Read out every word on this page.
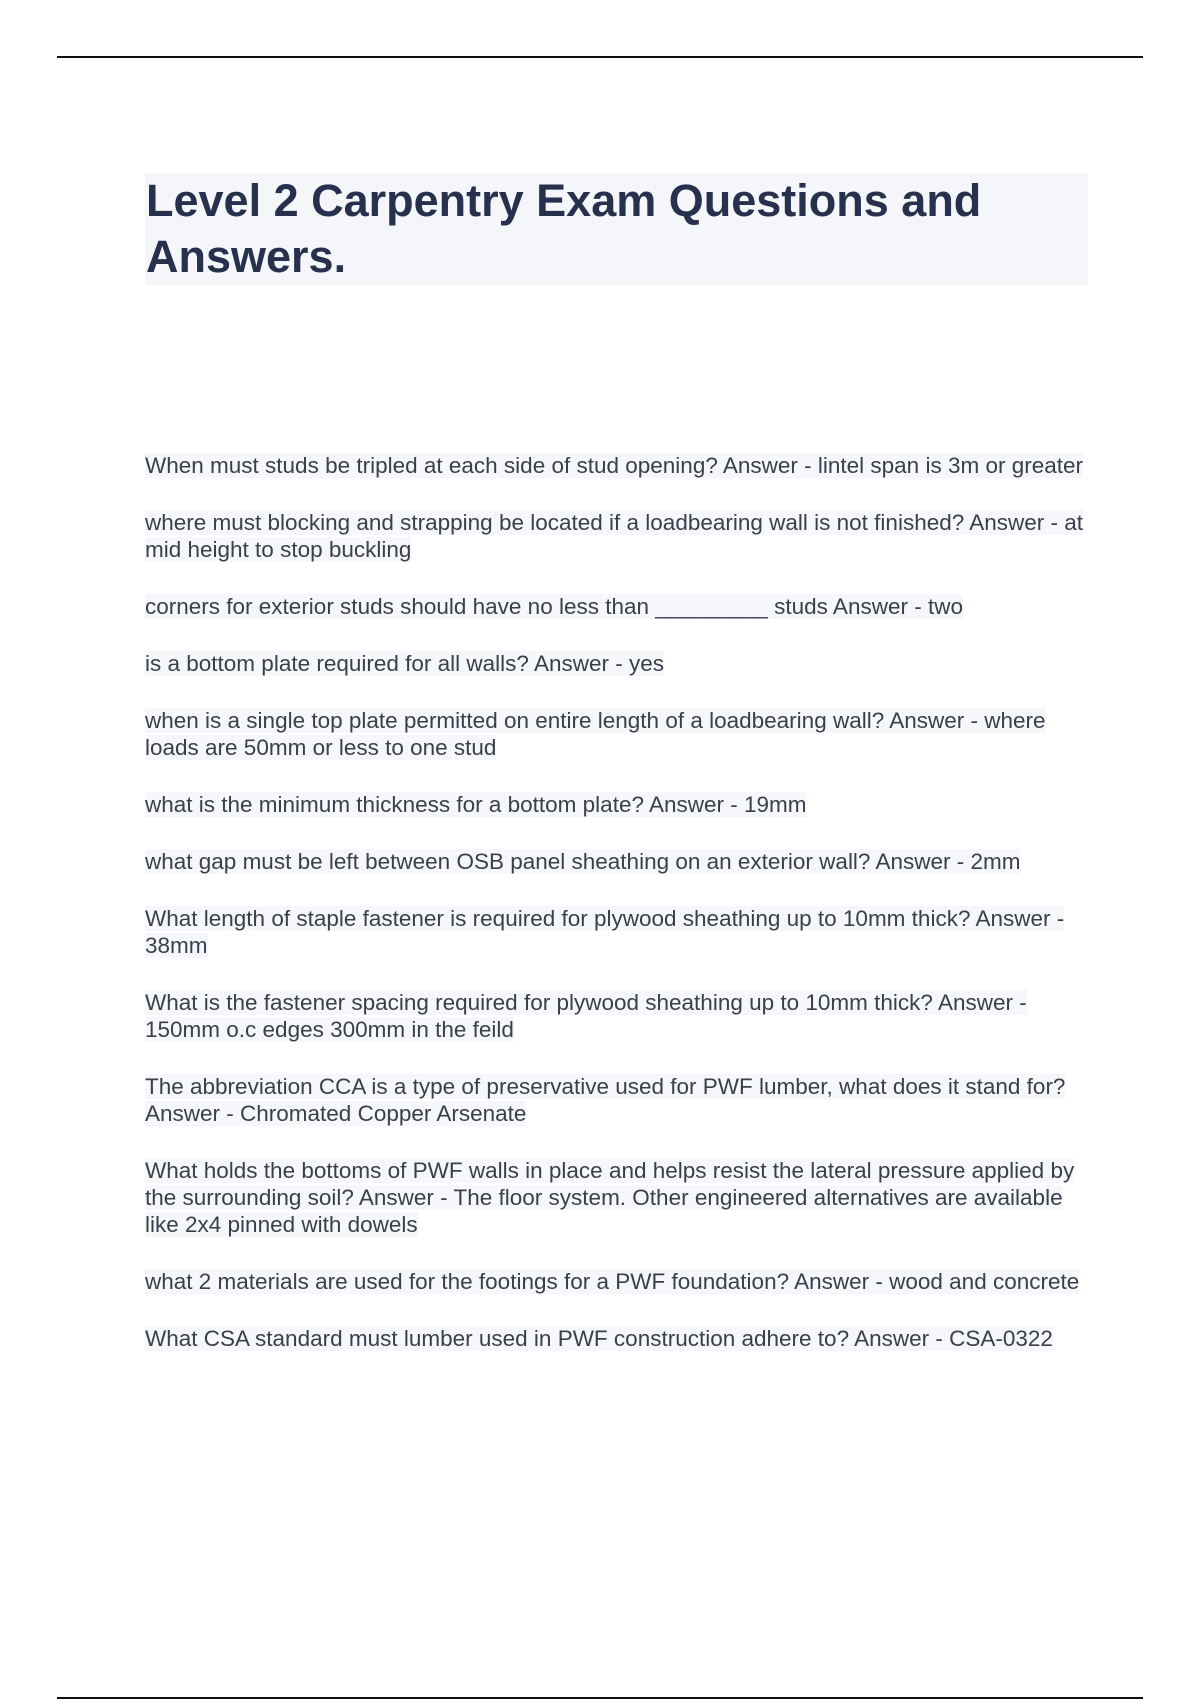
Level 2 Carpentry Exam Questions and Answers.
When must studs be tripled at each side of stud opening? Answer - lintel span is 3m or greater
where must blocking and strapping be located if a loadbearing wall is not finished? Answer - at mid height to stop buckling
corners for exterior studs should have no less than _________ studs Answer - two
is a bottom plate required for all walls? Answer - yes
when is a single top plate permitted on entire length of a loadbearing wall? Answer - where loads are 50mm or less to one stud
what is the minimum thickness for a bottom plate? Answer - 19mm
what gap must be left between OSB panel sheathing on an exterior wall? Answer - 2mm
What length of staple fastener is required for plywood sheathing up to 10mm thick? Answer - 38mm
What is the fastener spacing required for plywood sheathing up to 10mm thick? Answer - 150mm o.c edges 300mm in the feild
The abbreviation CCA is a type of preservative used for PWF lumber, what does it stand for? Answer - Chromated Copper Arsenate
What holds the bottoms of PWF walls in place and helps resist the lateral pressure applied by the surrounding soil? Answer - The floor system. Other engineered alternatives are available like 2x4 pinned with dowels
what 2 materials are used for the footings for a PWF foundation? Answer - wood and concrete
What CSA standard must lumber used in PWF construction adhere to? Answer - CSA-0322
